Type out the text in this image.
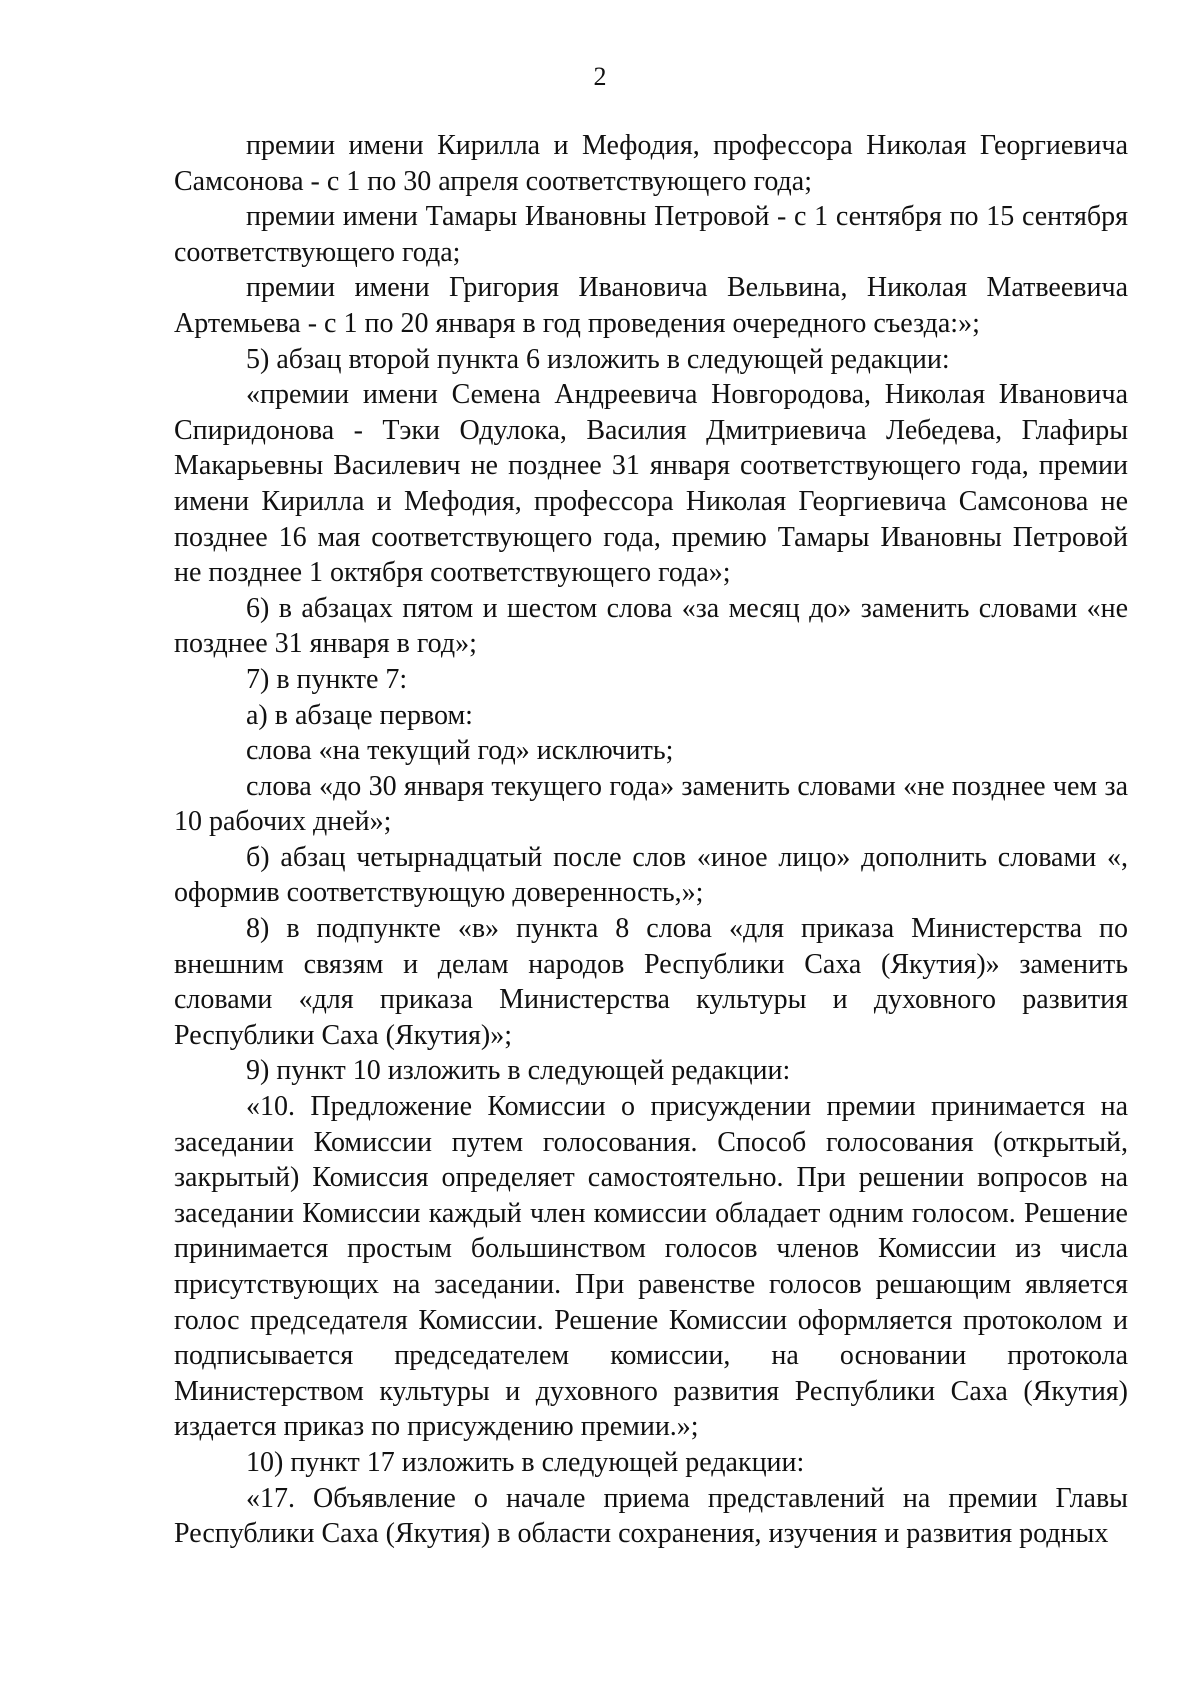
2

премии имени Кирилла и Мефодия, профессора Николая Георгиевича Самсонова - с 1 по 30 апреля соответствующего года;

премии имени Тамары Ивановны Петровой - с 1 сентября по 15 сентября соответствующего года;

премии имени Григория Ивановича Вельвина, Николая Матвеевича Артемьева - с 1 по 20 января в год проведения очередного съезда:»;

5) абзац второй пункта 6 изложить в следующей редакции:

«премии имени Семена Андреевича Новгородова, Николая Ивановича Спиридонова - Тэки Одулока, Василия Дмитриевича Лебедева, Глафиры Макарьевны Василевич не позднее 31 января соответствующего года, премии имени Кирилла и Мефодия, профессора Николая Георгиевича Самсонова не позднее 16 мая соответствующего года, премию Тамары Ивановны Петровой не позднее 1 октября соответствующего года»;

6) в абзацах пятом и шестом слова «за месяц до» заменить словами «не позднее 31 января в год»;

7) в пункте 7:

а) в абзаце первом:

слова «на текущий год» исключить;

слова «до 30 января текущего года» заменить словами «не позднее чем за 10 рабочих дней»;

б) абзац четырнадцатый после слов «иное лицо» дополнить словами «, оформив соответствующую доверенность,»;

8) в подпункте «в» пункта 8 слова «для приказа Министерства по внешним связям и делам народов Республики Саха (Якутия)» заменить словами «для приказа Министерства культуры и духовного развития Республики Саха (Якутия)»;

9) пункт 10 изложить в следующей редакции:

«10. Предложение Комиссии о присуждении премии принимается на заседании Комиссии путем голосования. Способ голосования (открытый, закрытый) Комиссия определяет самостоятельно. При решении вопросов на заседании Комиссии каждый член комиссии обладает одним голосом. Решение принимается простым большинством голосов членов Комиссии из числа присутствующих на заседании. При равенстве голосов решающим является голос председателя Комиссии. Решение Комиссии оформляется протоколом и подписывается председателем комиссии, на основании протокола Министерством культуры и духовного развития Республики Саха (Якутия) издается приказ по присуждению премии.»;

10) пункт 17 изложить в следующей редакции:

«17. Объявление о начале приема представлений на премии Главы Республики Саха (Якутия) в области сохранения, изучения и развития родных
